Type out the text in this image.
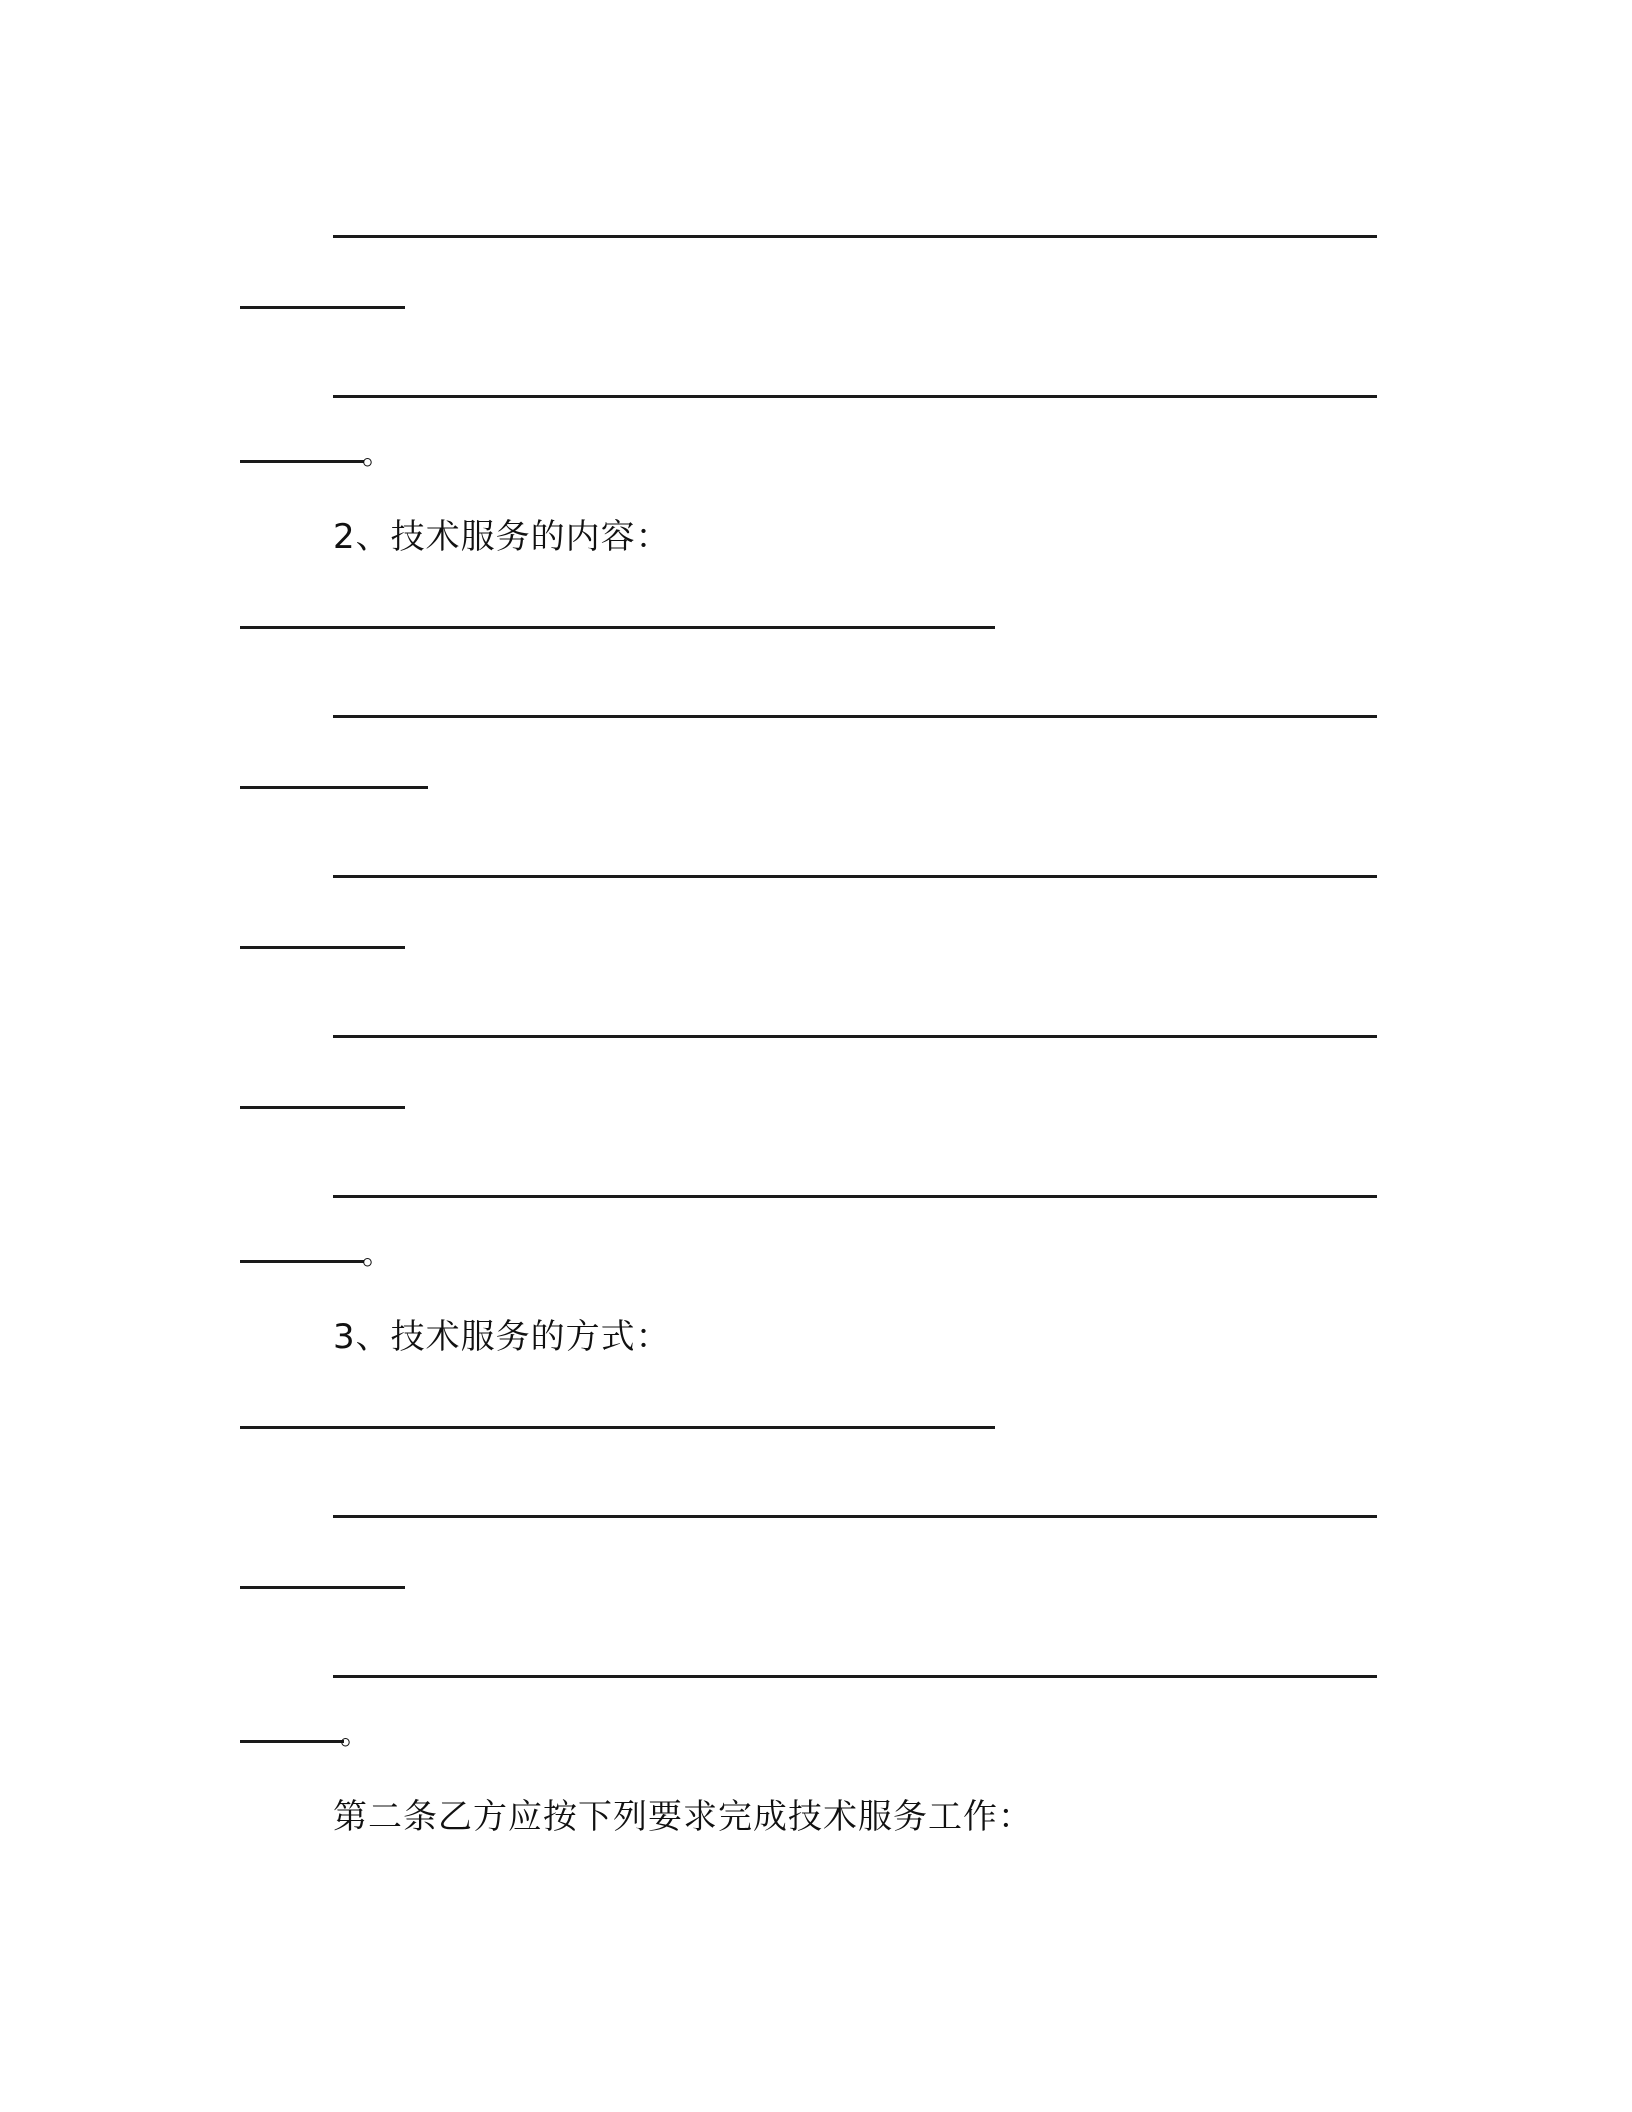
。
2、技术服务的内容：
。
3、技术服务的方式：
。
第二条乙方应按下列要求完成技术服务工作：
